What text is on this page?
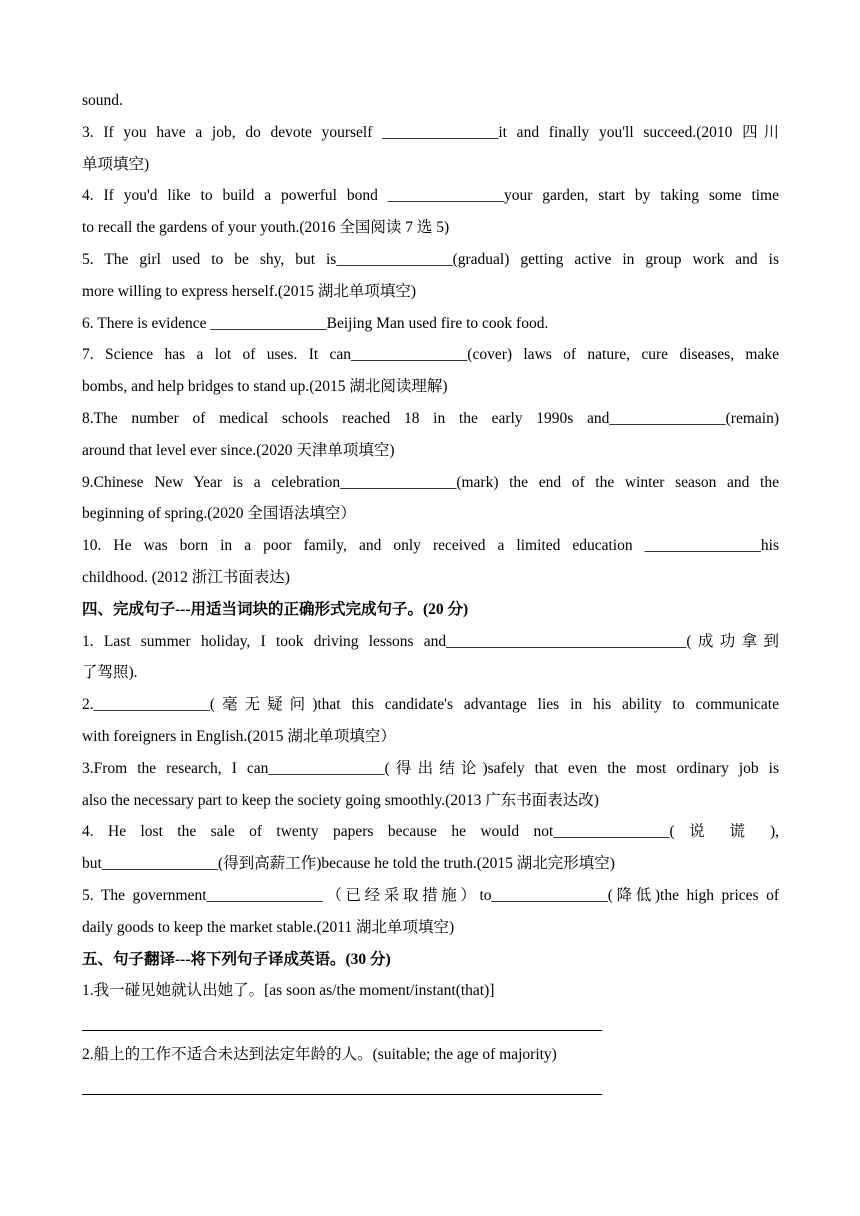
sound.
3. If you have a job, do devote yourself _______________it and finally you'll succeed.(2010 四川
单项填空)
4. If you'd like to build a powerful bond _______________your garden, start by taking some time
to recall the gardens of your youth.(2016 全国阅读 7 选 5)
5. The girl used to be shy, but is_______________(gradual) getting active in group work and is
more willing to express herself.(2015 湖北单项填空)
6. There is evidence _______________Beijing Man used fire to cook food.
7. Science has a lot of uses. It can_______________(cover) laws of nature, cure diseases, make
bombs, and help bridges to stand up.(2015 湖北阅读理解)
8.The number of medical schools reached 18 in the early 1990s and_______________(remain)
around that level ever since.(2020 天津单项填空)
9.Chinese New Year is a celebration_______________(mark) the end of the winter season and the
beginning of spring.(2020 全国语法填空）
10. He was born in a poor family, and only received a limited education _______________his
childhood. (2012 浙江书面表达)
四、完成句子---用适当词块的正确形式完成句子。(20 分)
1. Last summer holiday, I took driving lessons and_______________________________(成功拿到
了驾照).
2._______________(毫无疑问)that this candidate's advantage lies in his ability to communicate
with foreigners in English.(2015 湖北单项填空）
3.From the research, I can_______________(得出结论)safely that even the most ordinary job is
also the necessary part to keep the society going smoothly.(2013 广东书面表达改)
4. He lost the sale of twenty papers because he would not_______________( 说 谎 ),
but_______________(得到高薪工作)because he told the truth.(2015 湖北完形填空)
5. The government_______________（已经采取措施）to_______________(降低)the high prices of
daily goods to keep the market stable.(2011 湖北单项填空)
五、句子翻译---将下列句子译成英语。(30 分)
1.我一碰见她就认出她了。[as soon as/the moment/instant(that)]
2.船上的工作不适合未达到法定年龄的人。(suitable; the age of majority)
